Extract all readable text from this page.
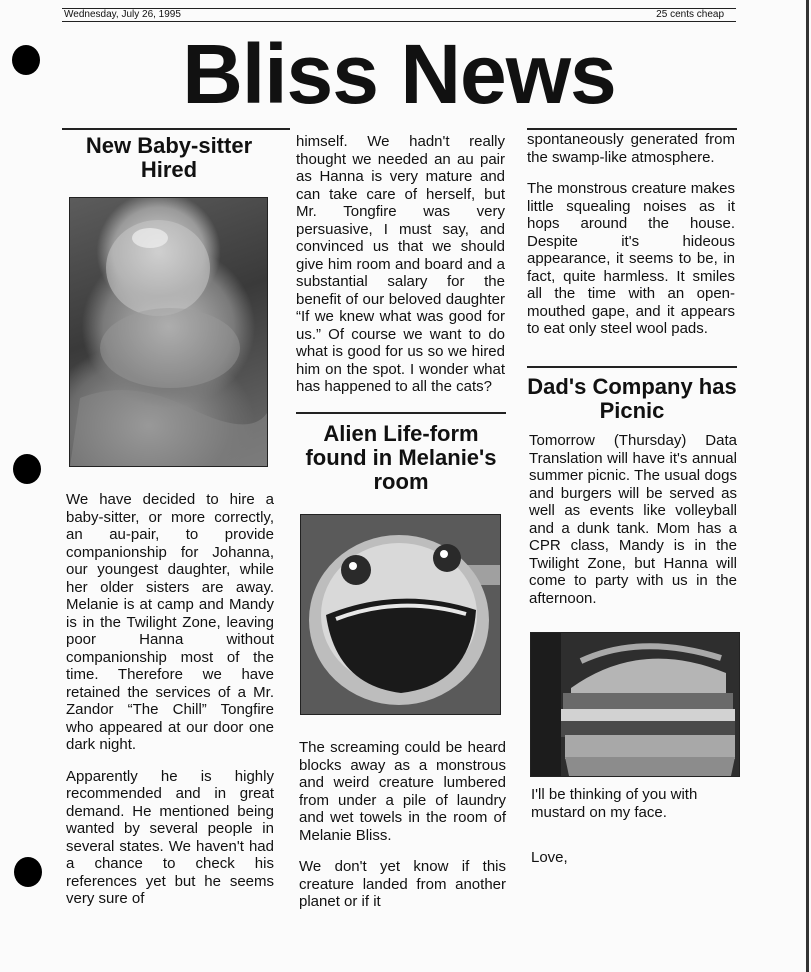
Wednesday, July 26, 1995	25 cents cheap
Bliss News
New Baby-sitter Hired

We have decided to hire a baby-sitter, or more correctly, an au-pair, to provide companionship for Johanna, our youngest daughter, while her older sisters are away. Melanie is at camp and Mandy is in the Twilight Zone, leaving poor Hanna without companionship most of the time. Therefore we have retained the services of a Mr. Zandor “The Chill” Tongfire who appeared at our door one dark night.

Apparently he is highly recommended and in great demand. He mentioned being wanted by several people in several states. We haven't had a chance to check his references yet but he seems very sure of

himself. We hadn't really thought we needed an au pair as Hanna is very mature and can take care of herself, but Mr. Tongfire was very persuasive, I must say, and convinced us that we should give him room and board and a substantial salary for the benefit of our beloved daughter “If we knew what was good for us.” Of course we want to do what is good for us so we hired him on the spot. I wonder what has happened to all the cats?

Alien Life-form found in Melanie's room

The screaming could be heard blocks away as a monstrous and weird creature lumbered from under a pile of laundry and wet towels in the room of Melanie Bliss.

We don't yet know if this creature landed from another planet or if it

spontaneously generated from the swamp-like atmosphere.

The monstrous creature makes little squealing noises as it hops around the house. Despite it's hideous appearance, it seems to be, in fact, quite harmless. It smiles all the time with an open-mouthed gape, and it appears to eat only steel wool pads.

Dad's Company has Picnic

Tomorrow (Thursday) Data Translation will have it's annual summer picnic. The usual dogs and burgers will be served as well as events like volleyball and a dunk tank. Mom has a CPR class, Mandy is in the Twilight Zone, but Hanna will come to party with us in the afternoon.

I'll be thinking of you with mustard on my face.

Love,
